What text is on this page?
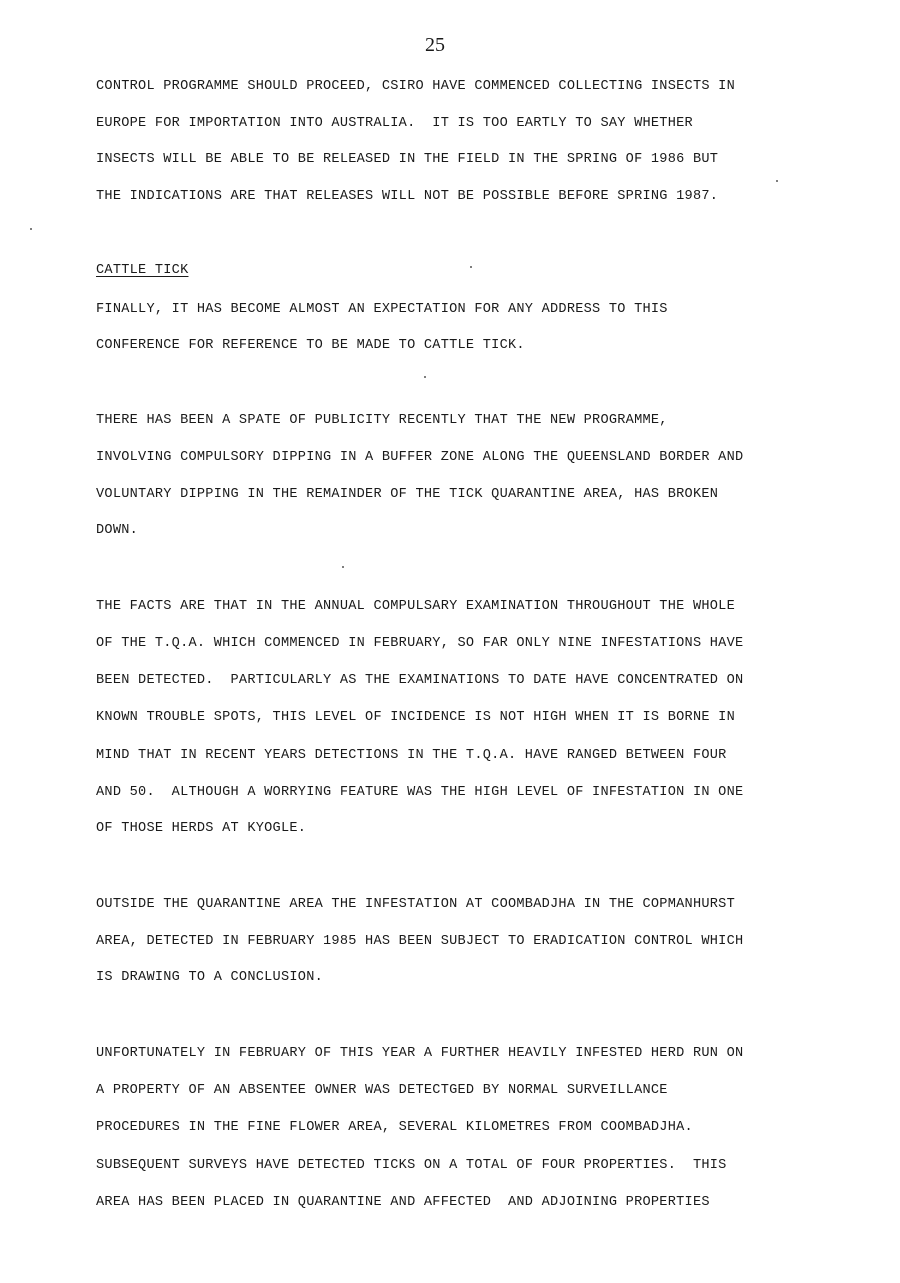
25
CONTROL PROGRAMME SHOULD PROCEED, CSIRO HAVE COMMENCED COLLECTING INSECTS IN
EUROPE FOR IMPORTATION INTO AUSTRALIA.  IT IS TOO EARTLY TO SAY WHETHER
INSECTS WILL BE ABLE TO BE RELEASED IN THE FIELD IN THE SPRING OF 1986 BUT
THE INDICATIONS ARE THAT RELEASES WILL NOT BE POSSIBLE BEFORE SPRING 1987.
CATTLE TICK
FINALLY, IT HAS BECOME ALMOST AN EXPECTATION FOR ANY ADDRESS TO THIS
CONFERENCE FOR REFERENCE TO BE MADE TO CATTLE TICK.
THERE HAS BEEN A SPATE OF PUBLICITY RECENTLY THAT THE NEW PROGRAMME,
INVOLVING COMPULSORY DIPPING IN A BUFFER ZONE ALONG THE QUEENSLAND BORDER AND
VOLUNTARY DIPPING IN THE REMAINDER OF THE TICK QUARANTINE AREA, HAS BROKEN
DOWN.
THE FACTS ARE THAT IN THE ANNUAL COMPULSARY EXAMINATION THROUGHOUT THE WHOLE
OF THE T.Q.A. WHICH COMMENCED IN FEBRUARY, SO FAR ONLY NINE INFESTATIONS HAVE
BEEN DETECTED.  PARTICULARLY AS THE EXAMINATIONS TO DATE HAVE CONCENTRATED ON
KNOWN TROUBLE SPOTS, THIS LEVEL OF INCIDENCE IS NOT HIGH WHEN IT IS BORNE IN
MIND THAT IN RECENT YEARS DETECTIONS IN THE T.Q.A. HAVE RANGED BETWEEN FOUR
AND 50.  ALTHOUGH A WORRYING FEATURE WAS THE HIGH LEVEL OF INFESTATION IN ONE
OF THOSE HERDS AT KYOGLE.
OUTSIDE THE QUARANTINE AREA THE INFESTATION AT COOMBADJHA IN THE COPMANHURST
AREA, DETECTED IN FEBRUARY 1985 HAS BEEN SUBJECT TO ERADICATION CONTROL WHICH
IS DRAWING TO A CONCLUSION.
UNFORTUNATELY IN FEBRUARY OF THIS YEAR A FURTHER HEAVILY INFESTED HERD RUN ON
A PROPERTY OF AN ABSENTEE OWNER WAS DETECTGED BY NORMAL SURVEILLANCE
PROCEDURES IN THE FINE FLOWER AREA, SEVERAL KILOMETRES FROM COOMBADJHA.
SUBSEQUENT SURVEYS HAVE DETECTED TICKS ON A TOTAL OF FOUR PROPERTIES.  THIS
AREA HAS BEEN PLACED IN QUARANTINE AND AFFECTED  AND ADJOINING PROPERTIES
